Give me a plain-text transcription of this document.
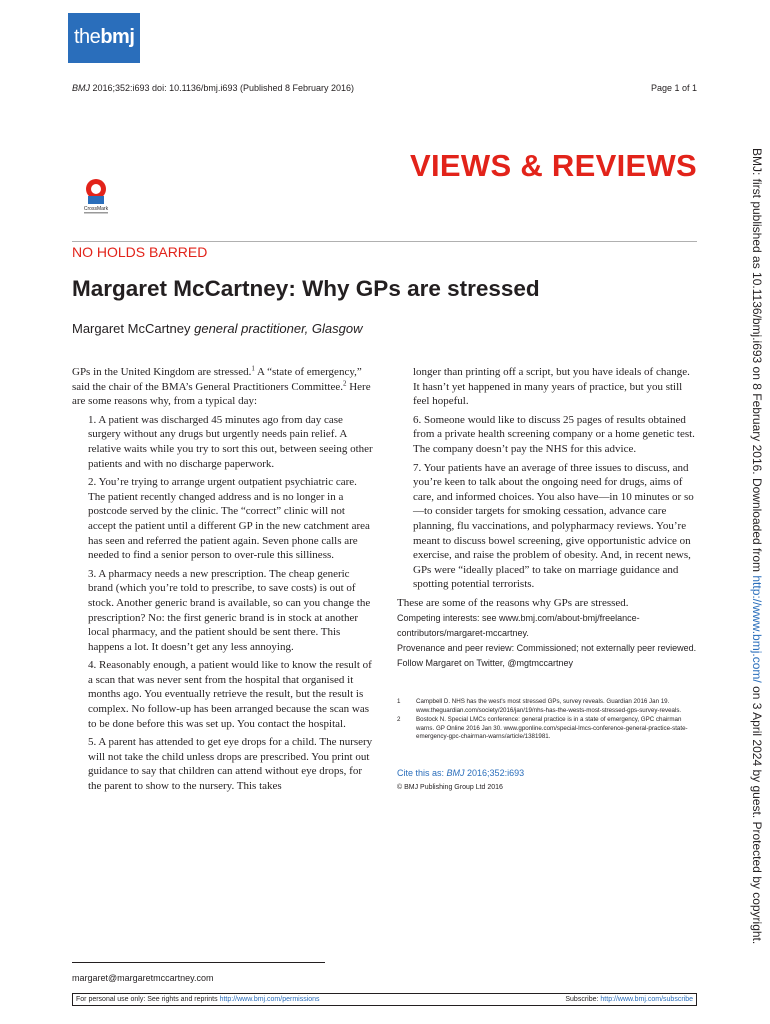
thebmj
BMJ 2016;352:i693 doi: 10.1136/bmj.i693 (Published 8 February 2016)	Page 1 of 1
VIEWS & REVIEWS
CrossMark
NO HOLDS BARRED
Margaret McCartney: Why GPs are stressed
Margaret McCartney general practitioner, Glasgow

GPs in the United Kingdom are stressed.$^1$ A “state of emergency,” said the chair of the BMA’s General Practitioners Committee.$^2$ Here are some reasons why, from a typical day:

1. A patient was discharged 45 minutes ago from day case surgery without any drugs but urgently needs pain relief. A relative waits while you try to sort this out, between seeing other patients and with no discharge paperwork.

2. You’re trying to arrange urgent outpatient psychiatric care. The patient recently changed address and is no longer in a postcode served by the clinic. The “correct” clinic will not accept the patient until a different GP in the new catchment area has seen and referred the patient again. Seven phone calls are needed to find a senior person to over-rule this silliness.

3. A pharmacy needs a new prescription. The cheap generic brand (which you’re told to prescribe, to save costs) is out of stock. Another generic brand is available, so can you change the prescription? No: the first generic brand is in stock at another local pharmacy, and the patient should be sent there. This happens a lot. It doesn’t get any less annoying.

4. Reasonably enough, a patient would like to know the result of a scan that was never sent from the hospital that organised it months ago. You eventually retrieve the result, but the result is complex. No follow-up has been arranged because the scan was to be done before this was set up. You contact the hospital.

5. A parent has attended to get eye drops for a child. The nursery will not take the child unless drops are prescribed. You print out guidance to say that children can attend without eye drops, for the parent to show to the nursery. This takes

longer than printing off a script, but you have ideals of change. It hasn’t yet happened in many years of practice, but you still feel hopeful.

6. Someone would like to discuss 25 pages of results obtained from a private health screening company or a home genetic test. The company doesn’t pay the NHS for this advice.

7. Your patients have an average of three issues to discuss, and you’re keen to talk about the ongoing need for drugs, aims of care, and informed choices. You also have—in 10 minutes or so—to consider targets for smoking cessation, advance care planning, flu vaccinations, and polypharmacy reviews. You’re meant to discuss bowel screening, give opportunistic advice on exercise, and raise the problem of obesity. And, in recent news, GPs were “ideally placed” to take on marriage guidance and spotting potential terrorists.

These are some of the reasons why GPs are stressed.

Competing interests: see www.bmj.com/about-bmj/freelance-contributors/margaret-mccartney.

Provenance and peer review: Commissioned; not externally peer reviewed.

Follow Margaret on Twitter, @mgtmccartney

1	Campbell D. NHS has the west’s most stressed GPs, survey reveals. Guardian 2016 Jan 19. www.theguardian.com/society/2016/jan/19/nhs-has-the-wests-most-stressed-gps-survey-reveals.
2	Bostock N. Special LMCs conference: general practice is in a state of emergency, GPC chairman warns. GP Online 2016 Jan 30. www.gponline.com/special-lmcs-conference-general-practice-state-emergency-gpc-chairman-warns/article/1381981.
Cite this as: BMJ 2016;352:i693
© BMJ Publishing Group Ltd 2016
margaret@margaretmccartney.com
For personal use only: See rights and reprints http://www.bmj.com/permissions	Subscribe: http://www.bmj.com/subscribe
BMJ: first published as 10.1136/bmj.i693 on 8 February 2016. Downloaded from http://www.bmj.com/ on 3 April 2024 by guest. Protected by copyright.
